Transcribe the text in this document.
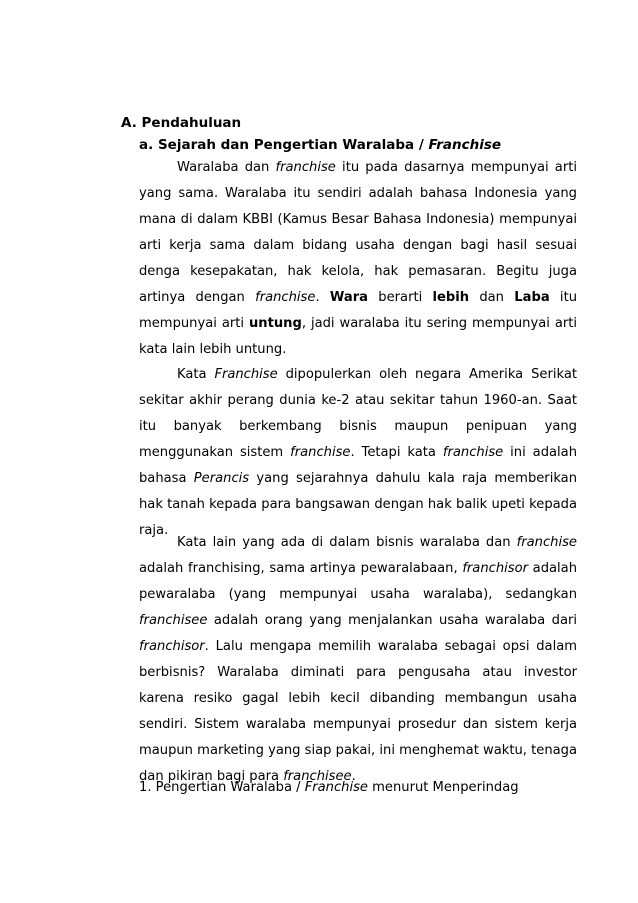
A. Pendahuluan
a. Sejarah dan Pengertian Waralaba / Franchise

Waralaba dan franchise itu pada dasarnya mempunyai arti yang sama. Waralaba itu sendiri adalah bahasa Indonesia yang mana di dalam KBBI (Kamus Besar Bahasa Indonesia) mempunyai arti kerja sama dalam bidang usaha dengan bagi hasil sesuai denga kesepakatan, hak kelola, hak pemasaran. Begitu juga artinya dengan franchise. Wara berarti lebih dan Laba itu mempunyai arti untung, jadi waralaba itu sering mempunyai arti kata lain lebih untung.

Kata Franchise dipopulerkan oleh negara Amerika Serikat sekitar akhir perang dunia ke-2 atau sekitar tahun 1960-an. Saat itu banyak berkembang bisnis maupun penipuan yang menggunakan sistem franchise. Tetapi kata franchise ini adalah bahasa Perancis yang sejarahnya dahulu kala raja memberikan hak tanah kepada para bangsawan dengan hak balik upeti kepada raja.

Kata lain yang ada di dalam bisnis waralaba dan franchise adalah franchising, sama artinya pewaralabaan, franchisor adalah pewaralaba (yang mempunyai usaha waralaba), sedangkan franchisee adalah orang yang menjalankan usaha waralaba dari franchisor. Lalu mengapa memilih waralaba sebagai opsi dalam berbisnis? Waralaba diminati para pengusaha atau investor karena resiko gagal lebih kecil dibanding membangun usaha sendiri. Sistem waralaba mempunyai prosedur dan sistem kerja maupun marketing yang siap pakai, ini menghemat waktu, tenaga dan pikiran bagi para franchisee.

1. Pengertian Waralaba / Franchise menurut Menperindag
